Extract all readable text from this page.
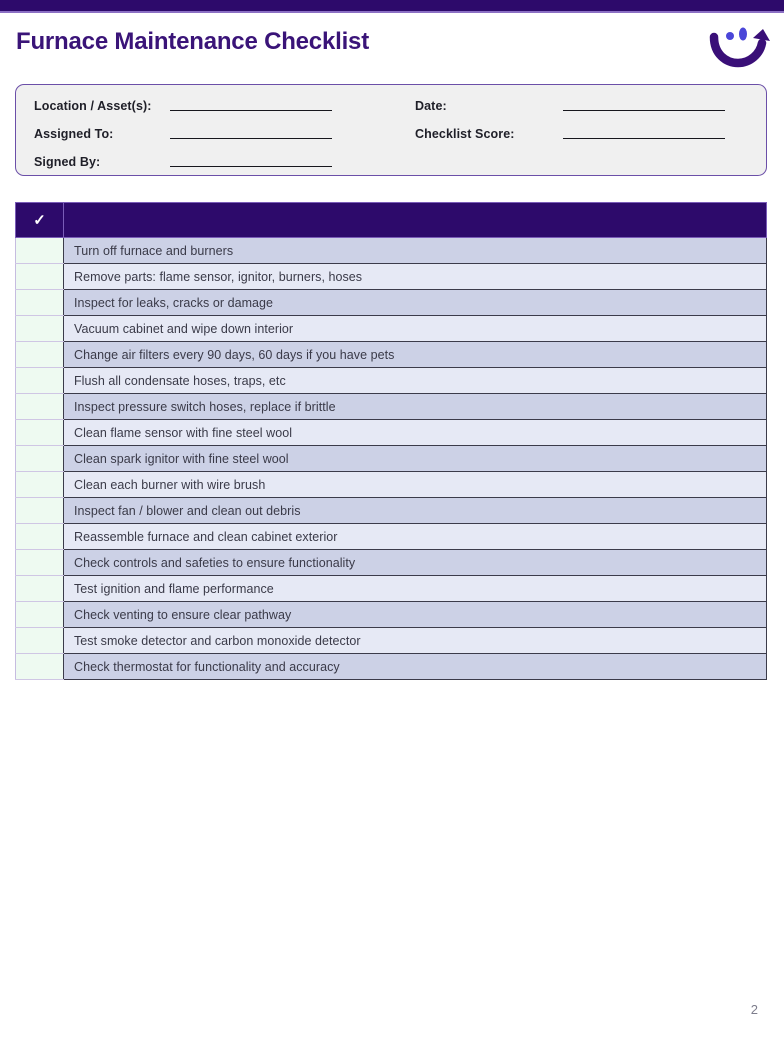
Furnace Maintenance Checklist
Location / Asset(s):
Assigned To:
Signed By:
Date:
Checklist Score:
✓	
	Turn off furnace and burners
	Remove parts: flame sensor, ignitor, burners, hoses
	Inspect for leaks, cracks or damage
	Vacuum cabinet and wipe down interior
	Change air filters every 90 days, 60 days if you have pets
	Flush all condensate hoses, traps, etc
	Inspect pressure switch hoses, replace if brittle
	Clean flame sensor with fine steel wool
	Clean spark ignitor with fine steel wool
	Clean each burner with wire brush
	Inspect fan / blower and clean out debris
	Reassemble furnace and clean cabinet exterior
	Check controls and safeties to ensure functionality
	Test ignition and flame performance
	Check venting to ensure clear pathway
	Test smoke detector and carbon monoxide detector
	Check thermostat for functionality and accuracy
2
